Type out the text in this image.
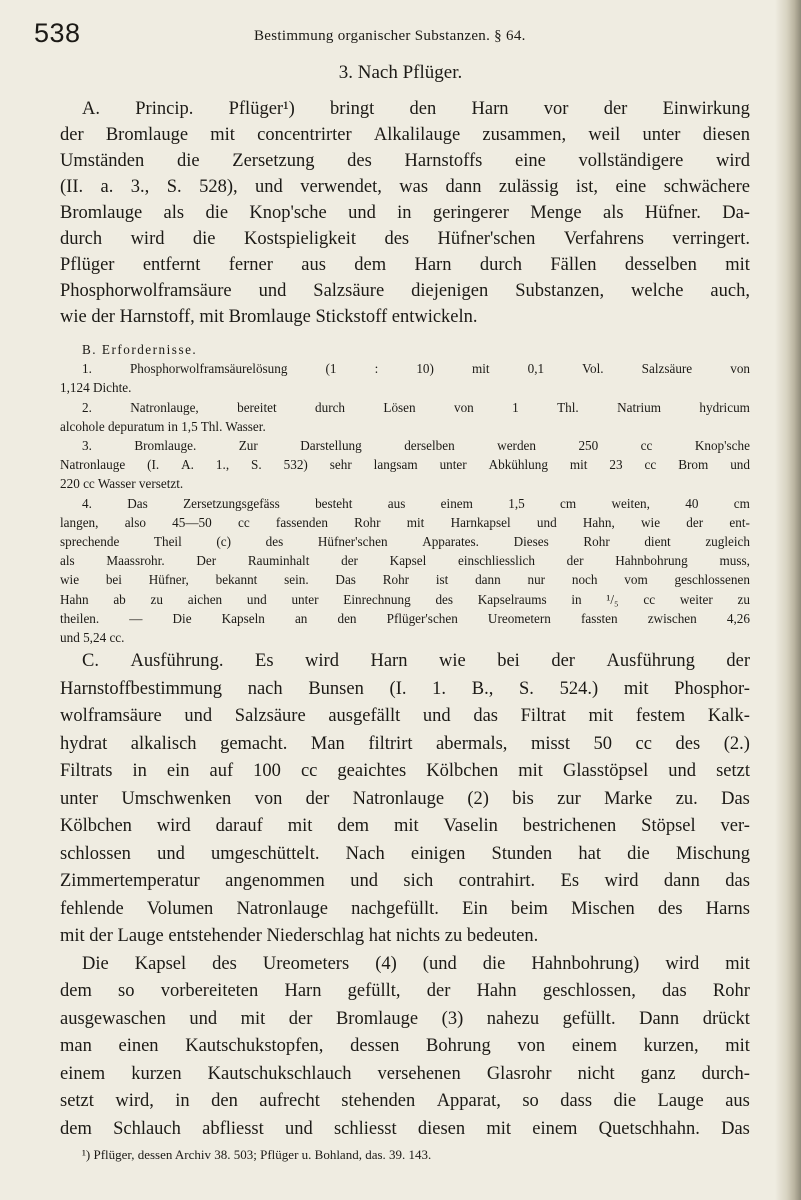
538	Bestimmung organischer Substanzen. § 64.
3. Nach Pflüger.
A. Princip. Pflüger¹) bringt den Harn vor der Einwirkung
der Bromlauge mit concentrirter Alkalilauge zusammen, weil unter diesen
Umständen die Zersetzung des Harnstoffs eine vollständigere wird
(II. a. 3., S. 528), und verwendet, was dann zulässig ist, eine schwächere
Bromlauge als die Knop'sche und in geringerer Menge als Hüfner. Da-
durch wird die Kostspieligkeit des Hüfner'schen Verfahrens verringert.
Pflüger entfernt ferner aus dem Harn durch Fällen desselben mit
Phosphorwolframsäure und Salzsäure diejenigen Substanzen, welche auch,
wie der Harnstoff, mit Bromlauge Stickstoff entwickeln.
B. Erfordernisse.
1.	Phosphorwolframsäurelösung	(1	:	10)	mit	0,1	Vol.	Salzsäure	von
1,124 Dichte.
2.	Natronlauge,	bereitet	durch	Lösen	von	1	Thl.	Natrium	hydricum
alcohole depuratum in 1,5 Thl. Wasser.
3.	Bromlauge.	Zur	Darstellung	derselben	werden	250	cc	Knop'sche
Natronlauge (I. A. 1., S. 532) sehr langsam unter Abkühlung mit 23 cc Brom und
220 cc Wasser versetzt.
4.	Das	Zersetzungsgefäss	besteht	aus	einem	1,5	cm	weiten,	40	cm
langen, also 45—50 cc fassenden Rohr mit Harnkapsel und Hahn, wie der ent-
sprechende	Theil	(c)	des	Hüfner'schen	Apparates.	Dieses	Rohr	dient	zugleich
als Maassrohr. Der Rauminhalt der Kapsel einschliesslich der Hahnbohrung muss,
wie bei Hüfner, bekannt sein. Das Rohr ist dann nur noch vom geschlossenen
Hahn ab zu aichen und unter Einrechnung des Kapselraums in ¹/₅ cc weiter zu
theilen. — Die Kapseln an den Pflüger'schen Ureometern fassten zwischen 4,26
und 5,24 cc.
C. Ausführung. Es wird Harn wie bei der Ausführung der
Harnstoffbestimmung nach Bunsen (I. 1. B., S. 524.) mit Phosphor-
wolframsäure und Salzsäure ausgefällt und das Filtrat mit festem Kalk-
hydrat alkalisch gemacht. Man filtrirt abermals, misst 50 cc des (2.)
Filtrats in ein auf 100 cc geaichtes Kölbchen mit Glasstöpsel und setzt
unter Umschwenken von der Natronlauge (2) bis zur Marke zu. Das
Kölbchen wird darauf mit dem mit Vaselin bestrichenen Stöpsel ver-
schlossen und umgeschüttelt. Nach einigen Stunden hat die Mischung
Zimmertemperatur angenommen und sich contrahirt. Es wird dann das
fehlende Volumen Natronlauge nachgefüllt. Ein beim Mischen des Harns
mit der Lauge entstehender Niederschlag hat nichts zu bedeuten.
Die Kapsel des Ureometers (4) (und die Hahnbohrung) wird mit
dem so vorbereiteten Harn gefüllt, der Hahn geschlossen, das Rohr
ausgewaschen und mit der Bromlauge (3) nahezu gefüllt. Dann drückt
man einen Kautschukstopfen, dessen Bohrung von einem kurzen, mit
einem kurzen Kautschukschlauch versehenen Glasrohr nicht ganz durch-
setzt wird, in den aufrecht stehenden Apparat, so dass die Lauge aus
dem Schlauch abfliesst und schliesst diesen mit einem Quetschhahn. Das
¹) Pflüger, dessen Archiv 38. 503; Pflüger u. Bohland, das. 39. 143.
